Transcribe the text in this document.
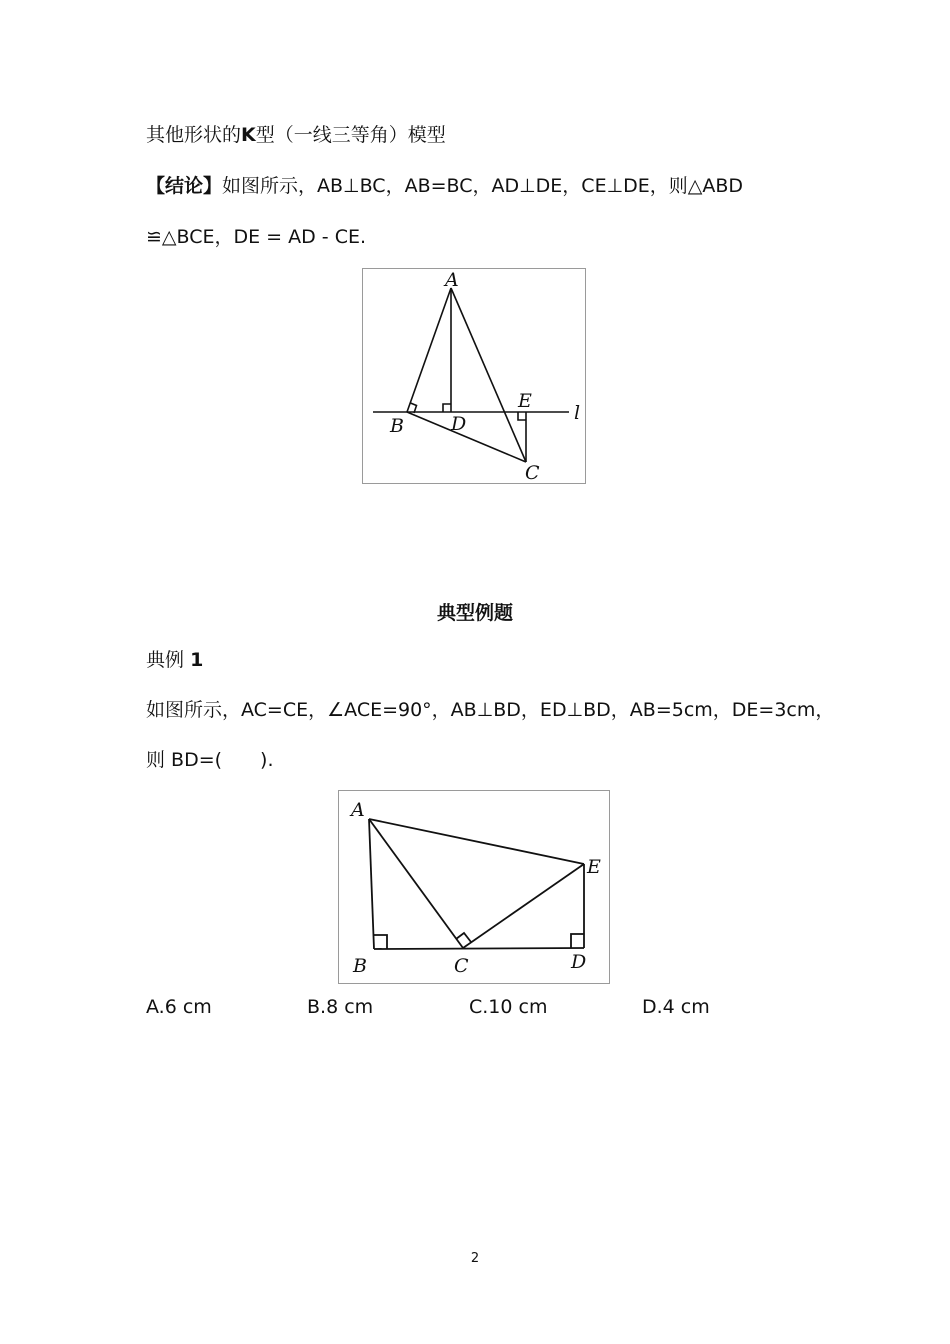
其他形状的K型（一线三等角）模型
【结论】如图所示，AB⊥BC，AB=BC，AD⊥DE，CE⊥DE，则△ABD
≌△BCE，DE = AD - CE.
A
B D
E
l
C
典型例题
典例 1
如图所示，AC=CE，∠ACE=90°，AB⊥BD，ED⊥BD，AB=5cm，DE=3cm，
则 BD=(　　).
A
E
B	C	D
A.6 cm	B.8 cm	C.10 cm	D.4 cm
2
